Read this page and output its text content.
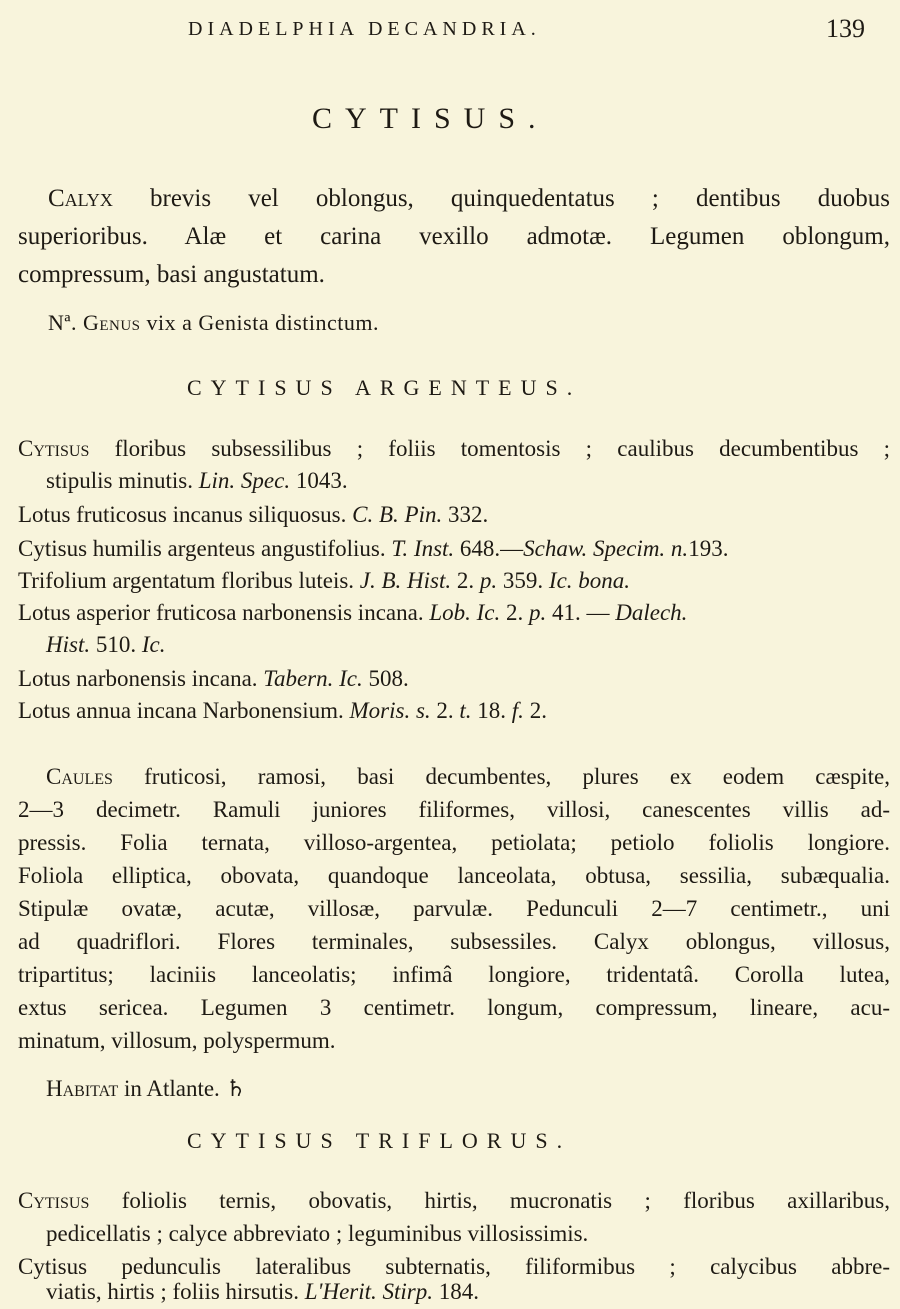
DIADELPHIA DECANDRIA.	139
CYTISUS.
Calyx brevis vel oblongus, quinquedentatus ; dentibus duobus
superioribus. Alæ et carina vexillo admotæ. Legumen oblongum,
compressum, basi angustatum.
Nª. Genus vix a Genista distinctum.
CYTISUS ARGENTEUS.
Cytisus floribus subsessilibus ; foliis tomentosis ; caulibus decumbentibus ;
stipulis minutis. Lin. Spec. 1043.
Lotus fruticosus incanus siliquosus. C. B. Pin. 332.
Cytisus humilis argenteus angustifolius. T. Inst. 648.—Schaw. Specim. n.193.
Trifolium argentatum floribus luteis. J. B. Hist. 2. p. 359. Ic. bona.
Lotus asperior fruticosa narbonensis incana. Lob. Ic. 2. p. 41. — Dalech.
Hist. 510. Ic.
Lotus narbonensis incana. Tabern. Ic. 508.
Lotus annua incana Narbonensium. Moris. s. 2. t. 18. f. 2.
Caules fruticosi, ramosi, basi decumbentes, plures ex eodem cæspite,
2—3 decimetr. Ramuli juniores filiformes, villosi, canescentes villis ad-
pressis. Folia ternata, villoso-argentea, petiolata; petiolo foliolis longiore.
Foliola elliptica, obovata, quandoque lanceolata, obtusa, sessilia, subæqualia.
Stipulæ ovatæ, acutæ, villosæ, parvulæ. Pedunculi 2—7 centimetr., uni
ad quadriflori. Flores terminales, subsessiles. Calyx oblongus, villosus,
tripartitus; laciniis lanceolatis; infimâ longiore, tridentatâ. Corolla lutea,
extus sericea. Legumen 3 centimetr. longum, compressum, lineare, acu-
minatum, villosum, polyspermum.
Habitat in Atlante. ♄
CYTISUS TRIFLORUS.
Cytisus foliolis ternis, obovatis, hirtis, mucronatis ; floribus axillaribus,
pedicellatis ; calyce abbreviato ; leguminibus villosissimis.
Cytisus pedunculis lateralibus subternatis, filiformibus ; calycibus abbre-
viatis, hirtis ; foliis hirsutis. L'Herit. Stirp. 184.
